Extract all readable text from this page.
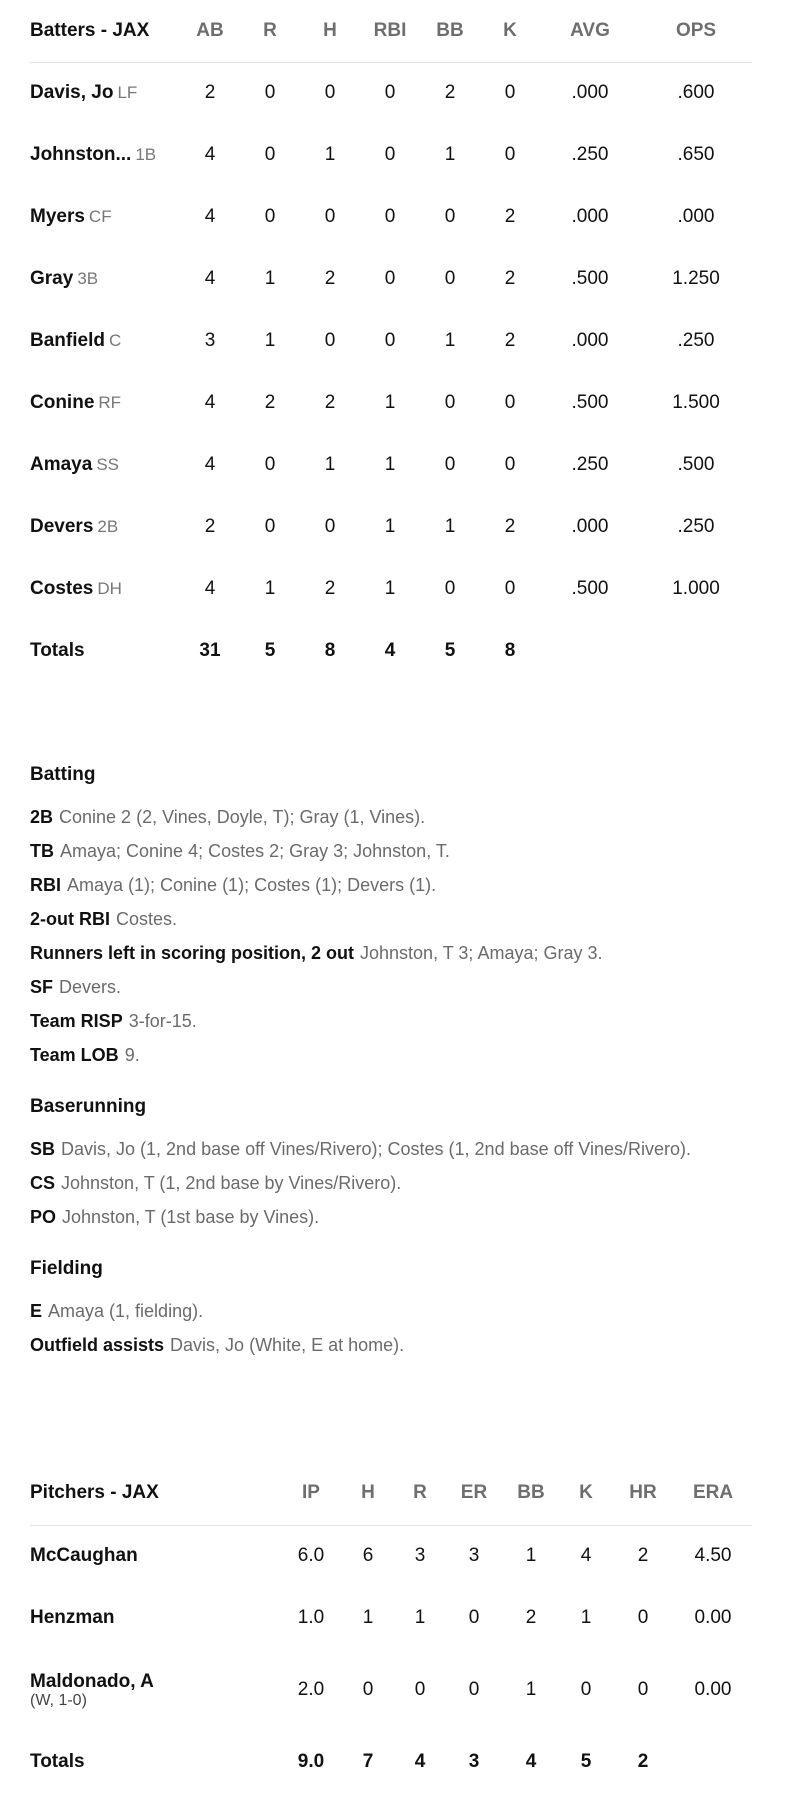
Batters - JAX	AB	R	H	RBI	BB	K	AVG	OPS
Davis, Jo LF	2	0	0	0	2	0	.000	.600
Johnston... 1B	4	0	1	0	1	0	.250	.650
Myers CF	4	0	0	0	0	2	.000	.000
Gray 3B	4	1	2	0	0	2	.500	1.250
Banfield C	3	1	0	0	1	2	.000	.250
Conine RF	4	2	2	1	0	0	.500	1.500
Amaya SS	4	0	1	1	0	0	.250	.500
Devers 2B	2	0	0	1	1	2	.000	.250
Costes DH	4	1	2	1	0	0	.500	1.000
Totals	31	5	8	4	5	8		
Batting
2B Conine 2 (2, Vines, Doyle, T); Gray (1, Vines).
TB Amaya; Conine 4; Costes 2; Gray 3; Johnston, T.
RBI Amaya (1); Conine (1); Costes (1); Devers (1).
2-out RBI Costes.
Runners left in scoring position, 2 out Johnston, T 3; Amaya; Gray 3.
SF Devers.
Team RISP 3-for-15.
Team LOB 9.
Baserunning
SB Davis, Jo (1, 2nd base off Vines/Rivero); Costes (1, 2nd base off Vines/Rivero).
CS Johnston, T (1, 2nd base by Vines/Rivero).
PO Johnston, T (1st base by Vines).
Fielding
E Amaya (1, fielding).
Outfield assists Davis, Jo (White, E at home).
Pitchers - JAX	IP	H	R	ER	BB	K	HR	ERA
McCaughan	6.0	6	3	3	1	4	2	4.50
Henzman	1.0	1	1	0	2	1	0	0.00
Maldonado, A
(W, 1-0)	2.0	0	0	0	1	0	0	0.00
Totals	9.0	7	4	3	4	5	2	
